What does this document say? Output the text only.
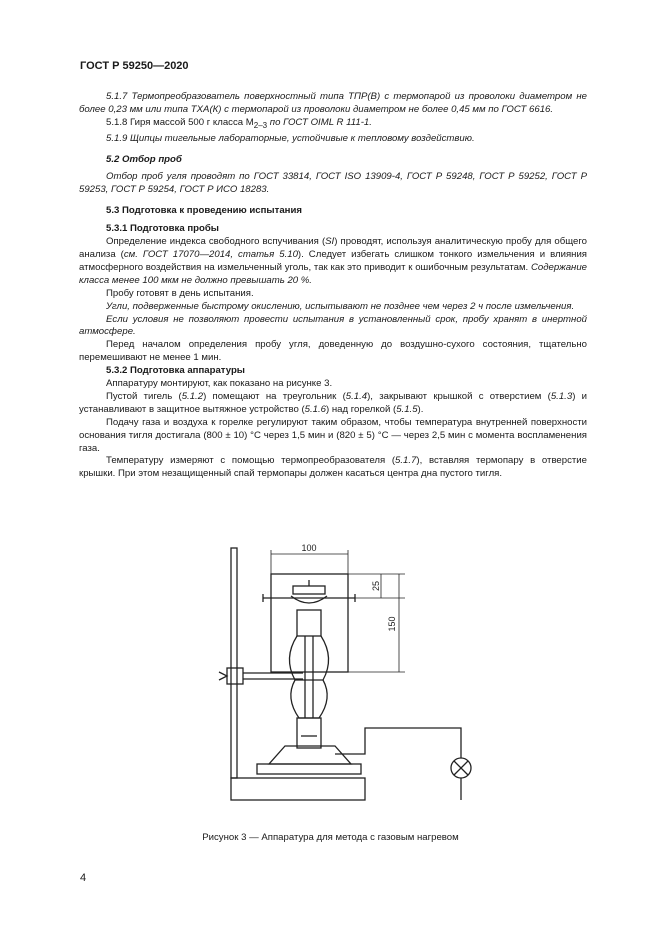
ГОСТ Р 59250—2020

5.1.7 Термопреобразователь поверхностный типа ТПР(В) с термопарой из проволоки диаметром не более 0,23 мм или типа ТХА(К) с термопарой из проволоки диаметром не более 0,45 мм по ГОСТ 6616.

5.1.8 Гиря массой 500 г класса $М_{2-3}$ по ГОСТ OIML R 111-1.

5.1.9 Щипцы тигельные лабораторные, устойчивые к тепловому воздействию.

5.2 Отбор проб

Отбор проб угля проводят по ГОСТ 33814, ГОСТ ISO 13909-4, ГОСТ Р 59248, ГОСТ Р 59252, ГОСТ Р 59253, ГОСТ Р 59254, ГОСТ Р ИСО 18283.

5.3 Подготовка к проведению испытания

5.3.1 Подготовка пробы

Определение индекса свободного вспучивания (SI) проводят, используя аналитическую пробу для общего анализа (см. ГОСТ 17070—2014, статья 5.10). Следует избегать слишком тонкого измельчения и влияния атмосферного воздействия на измельченный уголь, так как это приводит к ошибочным результатам. Содержание класса менее 100 мкм не должно превышать 20 %.

Пробу готовят в день испытания.

Угли, подверженные быстрому окислению, испытывают не позднее чем через 2 ч после измельчения.

Если условия не позволяют провести испытания в установленный срок, пробу хранят в инертной атмосфере.

Перед началом определения пробу угля, доведенную до воздушно-сухого состояния, тщательно перемешивают не менее 1 мин.

5.3.2 Подготовка аппаратуры

Аппаратуру монтируют, как показано на рисунке 3.

Пустой тигель (5.1.2) помещают на треугольник (5.1.4), закрывают крышкой с отверстием (5.1.3) и устанавливают в защитное вытяжное устройство (5.1.6) над горелкой (5.1.5).

Подачу газа и воздуха к горелке регулируют таким образом, чтобы температура внутренней поверхности основания тигля достигала (800 ± 10) °С через 1,5 мин и (820 ± 5) °С — через 2,5 мин с момента воспламенения газа.

Температуру измеряют с помощью термопреобразователя (5.1.7), вставляя термопару в отверстие крышки. При этом незащищенный спай термопары должен касаться центра дна пустого тигля.

100
25
150
Рисунок 3 — Аппаратура для метода с газовым нагревом
4
